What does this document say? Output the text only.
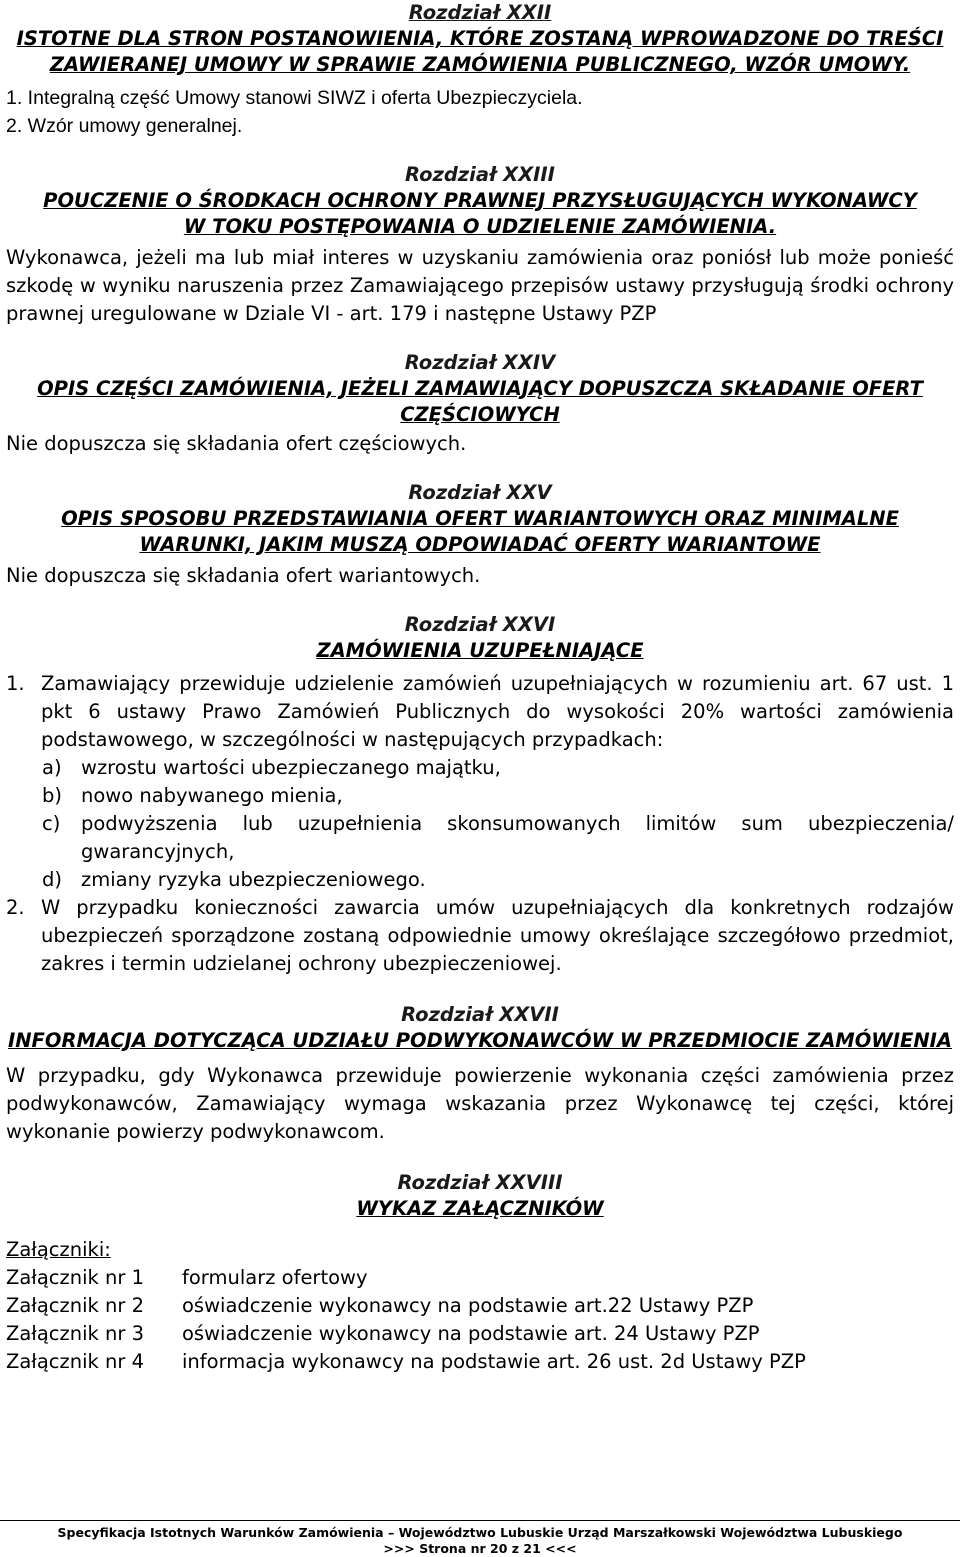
Rozdział XXII
ISTOTNE DLA STRON POSTANOWIENIA, KTÓRE ZOSTANĄ WPROWADZONE DO TREŚCI
ZAWIERANEJ UMOWY W SPRAWIE ZAMÓWIENIA PUBLICZNEGO, WZÓR UMOWY.
1. Integralną część Umowy stanowi SIWZ i oferta Ubezpieczyciela.
2. Wzór umowy generalnej.
Rozdział XXIII
POUCZENIE O ŚRODKACH OCHRONY PRAWNEJ PRZYSŁUGUJĄCYCH WYKONAWCY
W TOKU POSTĘPOWANIA O UDZIELENIE ZAMÓWIENIA.
Wykonawca, jeżeli ma lub miał interes w uzyskaniu zamówienia oraz poniósł lub może ponieść szkodę w wyniku naruszenia przez Zamawiającego przepisów ustawy przysługują środki ochrony prawnej uregulowane w Dziale VI - art. 179 i następne Ustawy PZP
Rozdział XXIV
OPIS CZĘŚCI ZAMÓWIENIA, JEŻELI ZAMAWIAJĄCY DOPUSZCZA SKŁADANIE OFERT
CZĘŚCIOWYCH
Nie dopuszcza się składania ofert częściowych.
Rozdział XXV
OPIS SPOSOBU PRZEDSTAWIANIA OFERT WARIANTOWYCH ORAZ MINIMALNE
WARUNKI, JAKIM MUSZĄ ODPOWIADAĆ OFERTY WARIANTOWE
Nie dopuszcza się składania ofert wariantowych.
Rozdział XXVI
ZAMÓWIENIA UZUPEŁNIAJĄCE
1. Zamawiający przewiduje udzielenie zamówień uzupełniających w rozumieniu art. 67 ust. 1 pkt 6 ustawy Prawo Zamówień Publicznych do wysokości 20% wartości zamówienia podstawowego, w szczególności w następujących przypadkach:
a) wzrostu wartości ubezpieczanego majątku,
b) nowo nabywanego mienia,
c) podwyższenia lub uzupełnienia skonsumowanych limitów sum ubezpieczenia/ gwarancyjnych,
d) zmiany ryzyka ubezpieczeniowego.
2. W przypadku konieczności zawarcia umów uzupełniających dla konkretnych rodzajów ubezpieczeń sporządzone zostaną odpowiednie umowy określające szczegółowo przedmiot, zakres i termin udzielanej ochrony ubezpieczeniowej.
Rozdział XXVII
INFORMACJA DOTYCZĄCA UDZIAŁU PODWYKONAWCÓW W PRZEDMIOCIE ZAMÓWIENIA
W przypadku, gdy Wykonawca przewiduje powierzenie wykonania części zamówienia przez podwykonawców, Zamawiający wymaga wskazania przez Wykonawcę tej części, której wykonanie powierzy podwykonawcom.
Rozdział XXVIII
WYKAZ ZAŁĄCZNIKÓW
Załączniki:
Załącznik nr 1	formularz ofertowy
Załącznik nr 2	oświadczenie wykonawcy na podstawie art.22 Ustawy PZP
Załącznik nr 3	oświadczenie wykonawcy na podstawie art. 24 Ustawy PZP
Załącznik nr 4	informacja wykonawcy na podstawie art. 26 ust. 2d Ustawy PZP
Specyfikacja Istotnych Warunków Zamówienia – Województwo Lubuskie Urząd Marszałkowski Województwa Lubuskiego
>>> Strona nr 20 z 21 <<<
